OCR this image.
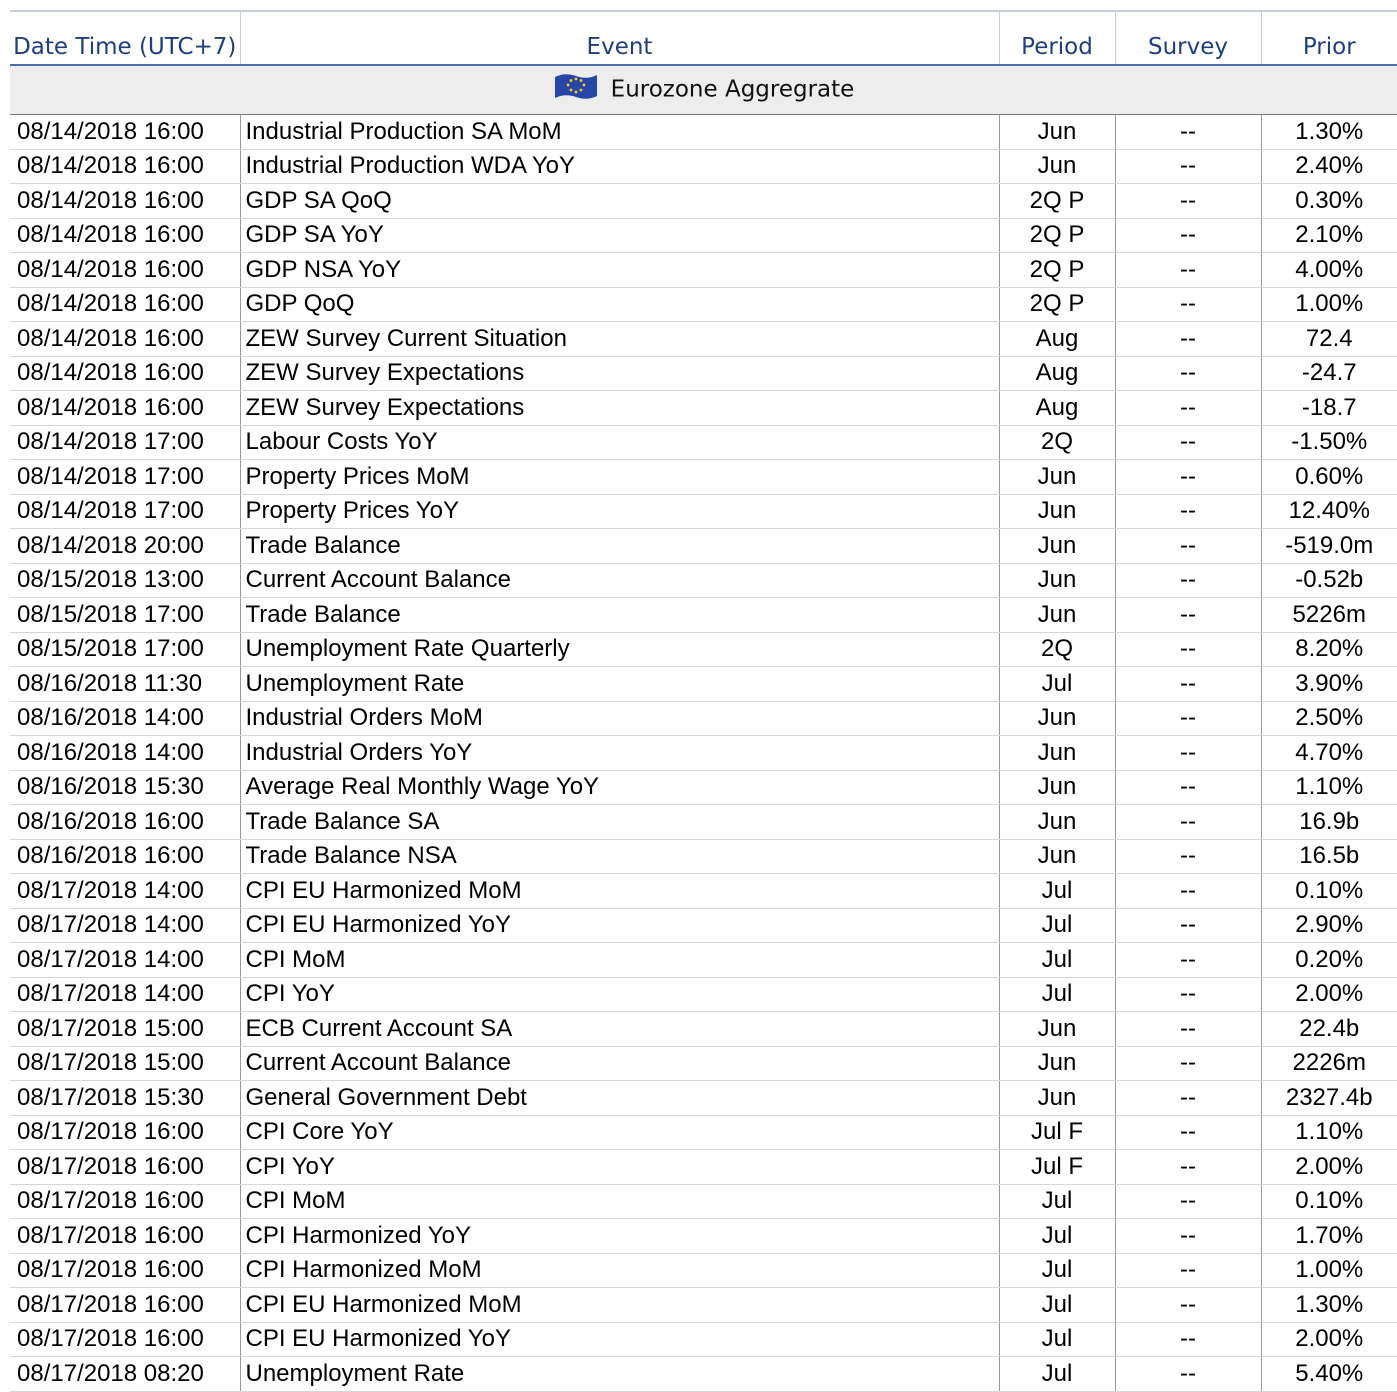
Date Time (UTC+7)	Event	Period	Survey	Prior
Eurozone Aggregrate				
08/14/2018 16:00	Industrial Production SA MoM	Jun	--	1.30%
08/14/2018 16:00	Industrial Production WDA YoY	Jun	--	2.40%
08/14/2018 16:00	GDP SA QoQ	2Q P	--	0.30%
08/14/2018 16:00	GDP SA YoY	2Q P	--	2.10%
08/14/2018 16:00	GDP NSA YoY	2Q P	--	4.00%
08/14/2018 16:00	GDP QoQ	2Q P	--	1.00%
08/14/2018 16:00	ZEW Survey Current Situation	Aug	--	72.4
08/14/2018 16:00	ZEW Survey Expectations	Aug	--	-24.7
08/14/2018 16:00	ZEW Survey Expectations	Aug	--	-18.7
08/14/2018 17:00	Labour Costs YoY	2Q	--	-1.50%
08/14/2018 17:00	Property Prices MoM	Jun	--	0.60%
08/14/2018 17:00	Property Prices YoY	Jun	--	12.40%
08/14/2018 20:00	Trade Balance	Jun	--	-519.0m
08/15/2018 13:00	Current Account Balance	Jun	--	-0.52b
08/15/2018 17:00	Trade Balance	Jun	--	5226m
08/15/2018 17:00	Unemployment Rate Quarterly	2Q	--	8.20%
08/16/2018 11:30	Unemployment Rate	Jul	--	3.90%
08/16/2018 14:00	Industrial Orders MoM	Jun	--	2.50%
08/16/2018 14:00	Industrial Orders YoY	Jun	--	4.70%
08/16/2018 15:30	Average Real Monthly Wage YoY	Jun	--	1.10%
08/16/2018 16:00	Trade Balance SA	Jun	--	16.9b
08/16/2018 16:00	Trade Balance NSA	Jun	--	16.5b
08/17/2018 14:00	CPI EU Harmonized MoM	Jul	--	0.10%
08/17/2018 14:00	CPI EU Harmonized YoY	Jul	--	2.90%
08/17/2018 14:00	CPI MoM	Jul	--	0.20%
08/17/2018 14:00	CPI YoY	Jul	--	2.00%
08/17/2018 15:00	ECB Current Account SA	Jun	--	22.4b
08/17/2018 15:00	Current Account Balance	Jun	--	2226m
08/17/2018 15:30	General Government Debt	Jun	--	2327.4b
08/17/2018 16:00	CPI Core YoY	Jul F	--	1.10%
08/17/2018 16:00	CPI YoY	Jul F	--	2.00%
08/17/2018 16:00	CPI MoM	Jul	--	0.10%
08/17/2018 16:00	CPI Harmonized YoY	Jul	--	1.70%
08/17/2018 16:00	CPI Harmonized MoM	Jul	--	1.00%
08/17/2018 16:00	CPI EU Harmonized MoM	Jul	--	1.30%
08/17/2018 16:00	CPI EU Harmonized YoY	Jul	--	2.00%
08/17/2018 08:20	Unemployment Rate	Jul	--	5.40%
